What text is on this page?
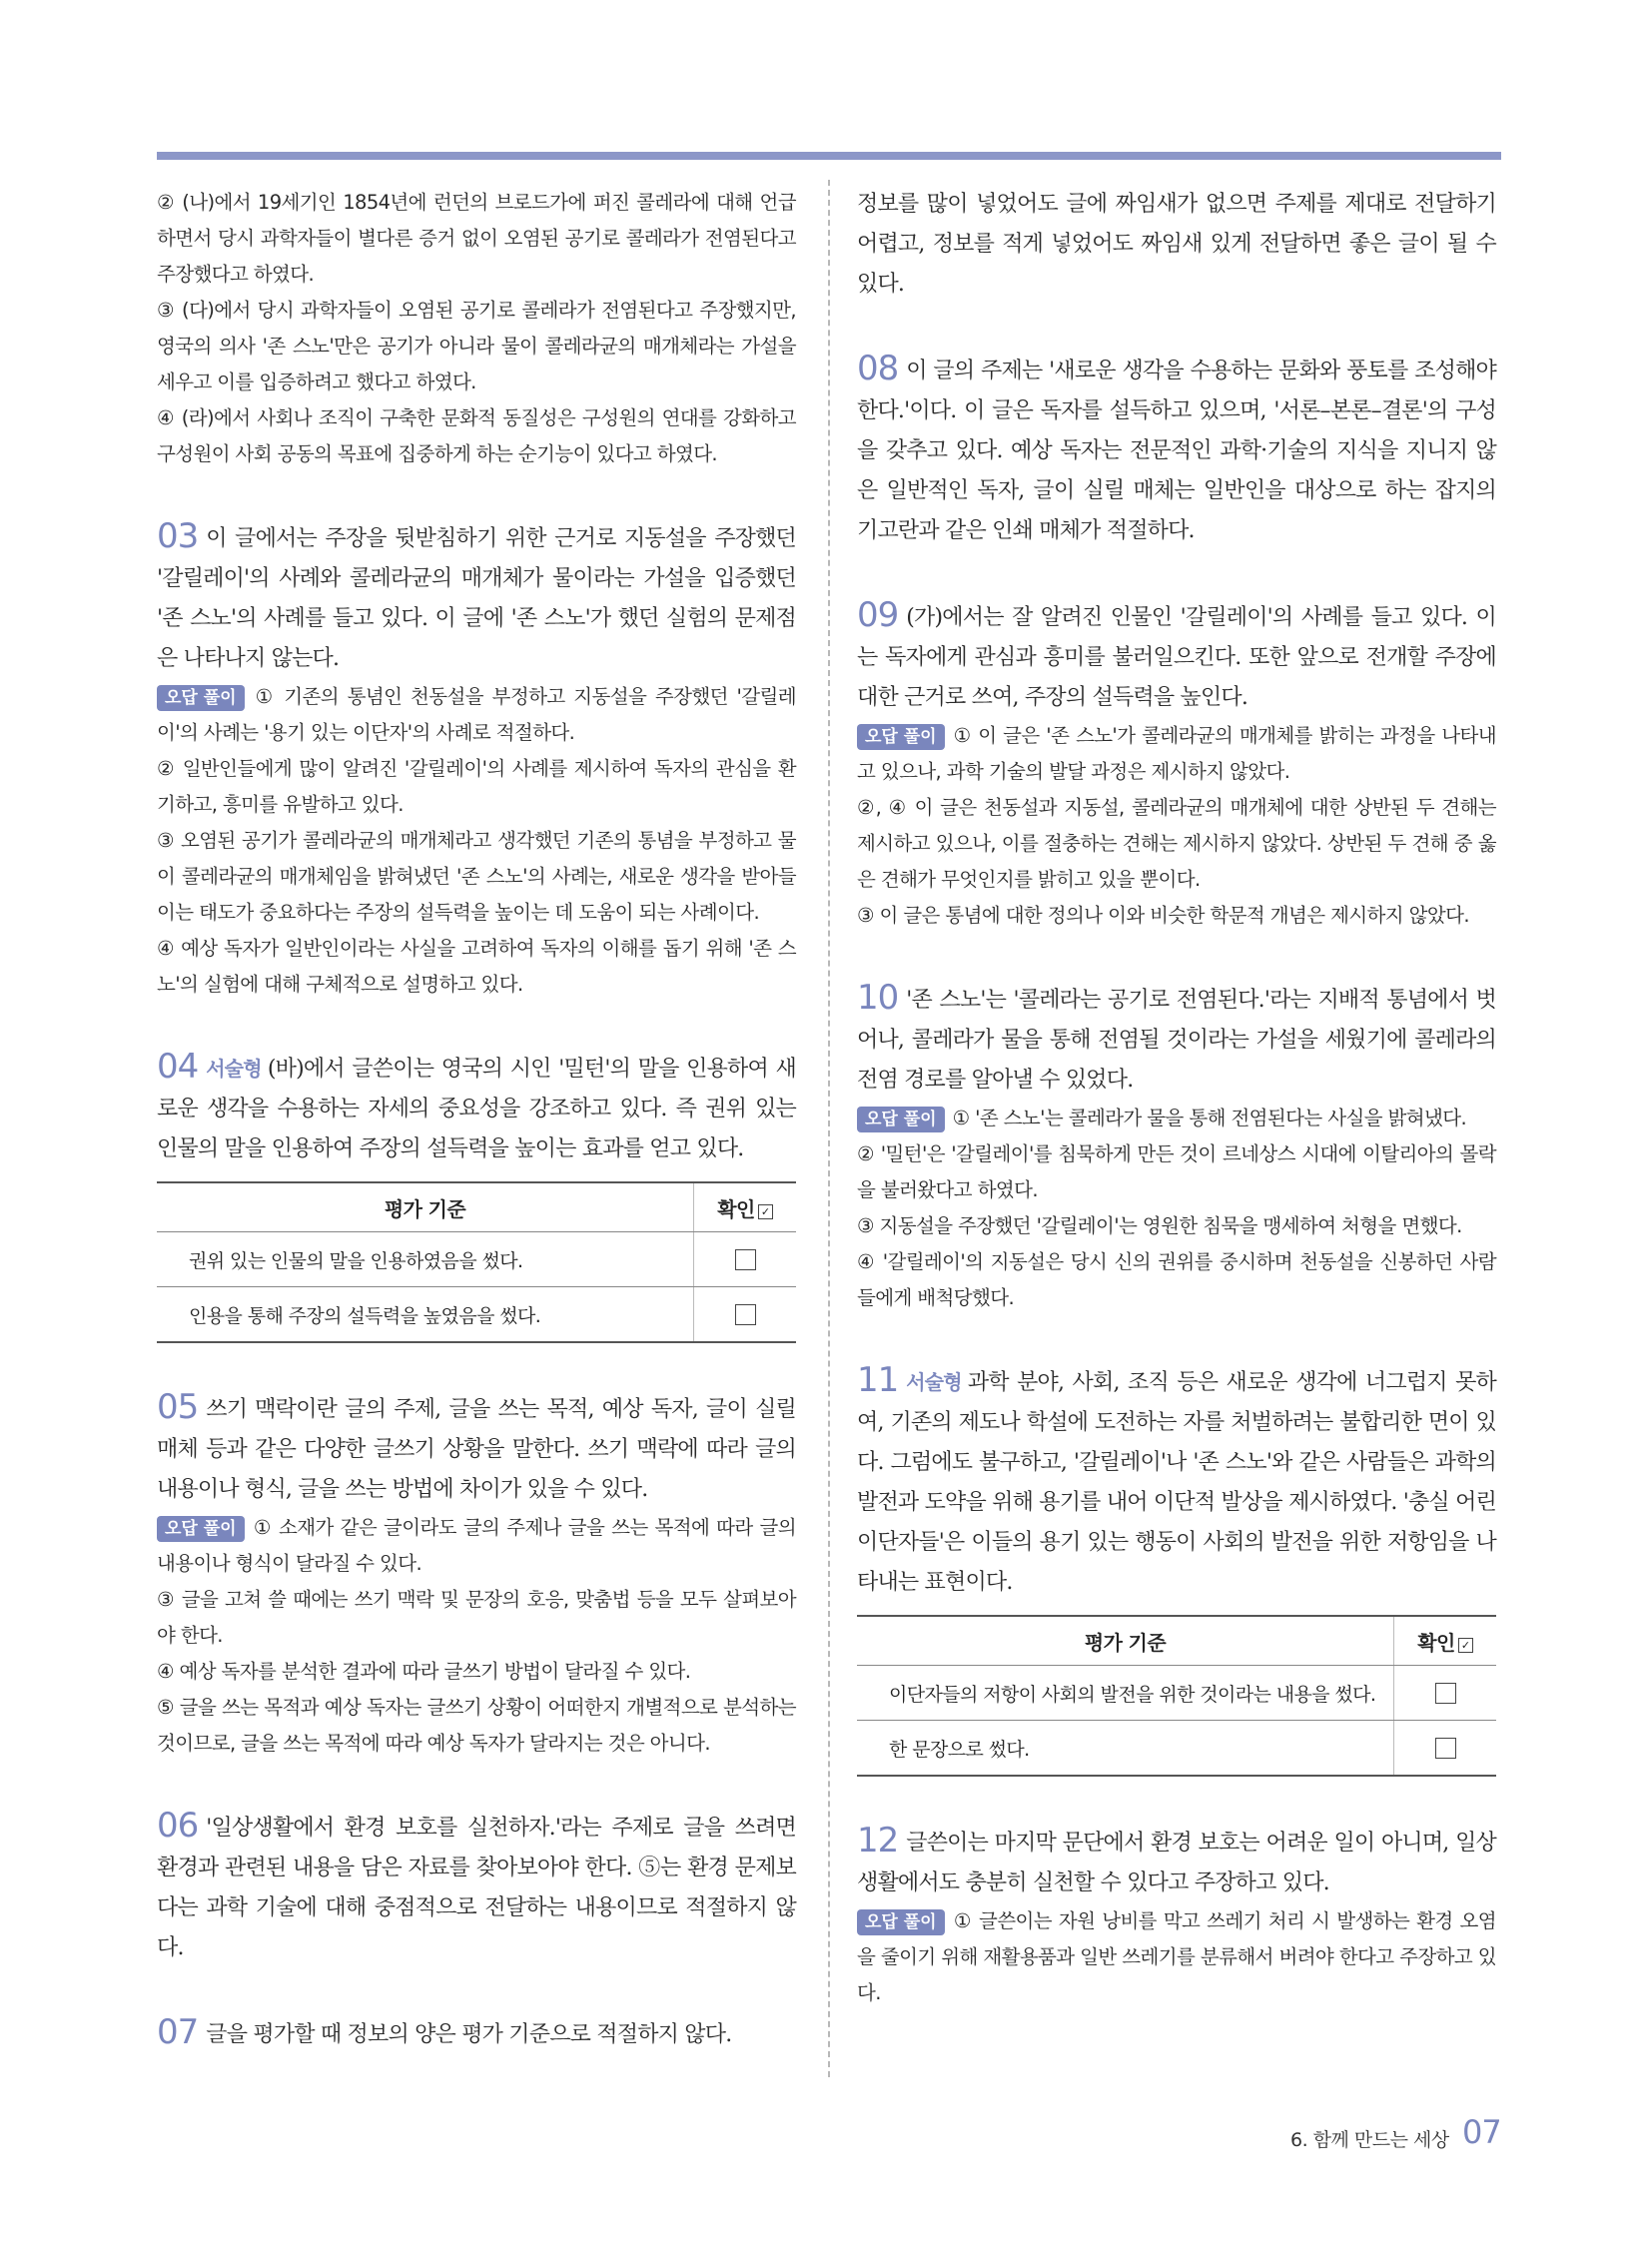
② (나)에서 19세기인 1854년에 런던의 브로드가에 퍼진 콜레라에 대해 언급하면서 당시 과학자들이 별다른 증거 없이 오염된 공기로 콜레라가 전염된다고 주장했다고 하였다.

③ (다)에서 당시 과학자들이 오염된 공기로 콜레라가 전염된다고 주장했지만, 영국의 의사 '존 스노'만은 공기가 아니라 물이 콜레라균의 매개체라는 가설을 세우고 이를 입증하려고 했다고 하였다.

④ (라)에서 사회나 조직이 구축한 문화적 동질성은 구성원의 연대를 강화하고 구성원이 사회 공동의 목표에 집중하게 하는 순기능이 있다고 하였다.

03 이 글에서는 주장을 뒷받침하기 위한 근거로 지동설을 주장했던 '갈릴레이'의 사례와 콜레라균의 매개체가 물이라는 가설을 입증했던 '존 스노'의 사례를 들고 있다. 이 글에 '존 스노'가 했던 실험의 문제점은 나타나지 않는다.

오답 풀이 ① 기존의 통념인 천동설을 부정하고 지동설을 주장했던 '갈릴레이'의 사례는 '용기 있는 이단자'의 사례로 적절하다.

② 일반인들에게 많이 알려진 '갈릴레이'의 사례를 제시하여 독자의 관심을 환기하고, 흥미를 유발하고 있다.

③ 오염된 공기가 콜레라균의 매개체라고 생각했던 기존의 통념을 부정하고 물이 콜레라균의 매개체임을 밝혀냈던 '존 스노'의 사례는, 새로운 생각을 받아들이는 태도가 중요하다는 주장의 설득력을 높이는 데 도움이 되는 사례이다.

④ 예상 독자가 일반인이라는 사실을 고려하여 독자의 이해를 돕기 위해 '존 스노'의 실험에 대해 구체적으로 설명하고 있다.

04 서술형 (바)에서 글쓴이는 영국의 시인 '밀턴'의 말을 인용하여 새로운 생각을 수용하는 자세의 중요성을 강조하고 있다. 즉 권위 있는 인물의 말을 인용하여 주장의 설득력을 높이는 효과를 얻고 있다.

평가 기준	확인 ✓
권위 있는 인물의 말을 인용하였음을 썼다.	
인용을 통해 주장의 설득력을 높였음을 썼다.	

05 쓰기 맥락이란 글의 주제, 글을 쓰는 목적, 예상 독자, 글이 실릴 매체 등과 같은 다양한 글쓰기 상황을 말한다. 쓰기 맥락에 따라 글의 내용이나 형식, 글을 쓰는 방법에 차이가 있을 수 있다.

오답 풀이 ① 소재가 같은 글이라도 글의 주제나 글을 쓰는 목적에 따라 글의 내용이나 형식이 달라질 수 있다.

③ 글을 고쳐 쓸 때에는 쓰기 맥락 및 문장의 호응, 맞춤법 등을 모두 살펴보아야 한다.

④ 예상 독자를 분석한 결과에 따라 글쓰기 방법이 달라질 수 있다.

⑤ 글을 쓰는 목적과 예상 독자는 글쓰기 상황이 어떠한지 개별적으로 분석하는 것이므로, 글을 쓰는 목적에 따라 예상 독자가 달라지는 것은 아니다.

06 '일상생활에서 환경 보호를 실천하자.'라는 주제로 글을 쓰려면 환경과 관련된 내용을 담은 자료를 찾아보아야 한다. ⑤는 환경 문제보다는 과학 기술에 대해 중점적으로 전달하는 내용이므로 적절하지 않다.

07 글을 평가할 때 정보의 양은 평가 기준으로 적절하지 않다.

정보를 많이 넣었어도 글에 짜임새가 없으면 주제를 제대로 전달하기 어렵고, 정보를 적게 넣었어도 짜임새 있게 전달하면 좋은 글이 될 수 있다.

08 이 글의 주제는 '새로운 생각을 수용하는 문화와 풍토를 조성해야 한다.'이다. 이 글은 독자를 설득하고 있으며, '서론–본론–결론'의 구성을 갖추고 있다. 예상 독자는 전문적인 과학·기술의 지식을 지니지 않은 일반적인 독자, 글이 실릴 매체는 일반인을 대상으로 하는 잡지의 기고란과 같은 인쇄 매체가 적절하다.

09 (가)에서는 잘 알려진 인물인 '갈릴레이'의 사례를 들고 있다. 이는 독자에게 관심과 흥미를 불러일으킨다. 또한 앞으로 전개할 주장에 대한 근거로 쓰여, 주장의 설득력을 높인다.

오답 풀이 ① 이 글은 '존 스노'가 콜레라균의 매개체를 밝히는 과정을 나타내고 있으나, 과학 기술의 발달 과정은 제시하지 않았다.

②, ④ 이 글은 천동설과 지동설, 콜레라균의 매개체에 대한 상반된 두 견해는 제시하고 있으나, 이를 절충하는 견해는 제시하지 않았다. 상반된 두 견해 중 옳은 견해가 무엇인지를 밝히고 있을 뿐이다.

③ 이 글은 통념에 대한 정의나 이와 비슷한 학문적 개념은 제시하지 않았다.

10 '존 스노'는 '콜레라는 공기로 전염된다.'라는 지배적 통념에서 벗어나, 콜레라가 물을 통해 전염될 것이라는 가설을 세웠기에 콜레라의 전염 경로를 알아낼 수 있었다.

오답 풀이 ① '존 스노'는 콜레라가 물을 통해 전염된다는 사실을 밝혀냈다.

② '밀턴'은 '갈릴레이'를 침묵하게 만든 것이 르네상스 시대에 이탈리아의 몰락을 불러왔다고 하였다.

③ 지동설을 주장했던 '갈릴레이'는 영원한 침묵을 맹세하여 처형을 면했다.

④ '갈릴레이'의 지동설은 당시 신의 권위를 중시하며 천동설을 신봉하던 사람들에게 배척당했다.

11 서술형 과학 분야, 사회, 조직 등은 새로운 생각에 너그럽지 못하여, 기존의 제도나 학설에 도전하는 자를 처벌하려는 불합리한 면이 있다. 그럼에도 불구하고, '갈릴레이'나 '존 스노'와 같은 사람들은 과학의 발전과 도약을 위해 용기를 내어 이단적 발상을 제시하였다. '충실 어린 이단자들'은 이들의 용기 있는 행동이 사회의 발전을 위한 저항임을 나타내는 표현이다.

평가 기준	확인 ✓
이단자들의 저항이 사회의 발전을 위한 것이라는 내용을 썼다.	
한 문장으로 썼다.	

12 글쓴이는 마지막 문단에서 환경 보호는 어려운 일이 아니며, 일상생활에서도 충분히 실천할 수 있다고 주장하고 있다.

오답 풀이 ① 글쓴이는 자원 낭비를 막고 쓰레기 처리 시 발생하는 환경 오염을 줄이기 위해 재활용품과 일반 쓰레기를 분류해서 버려야 한다고 주장하고 있다.

6. 함께 만드는 세상 07
